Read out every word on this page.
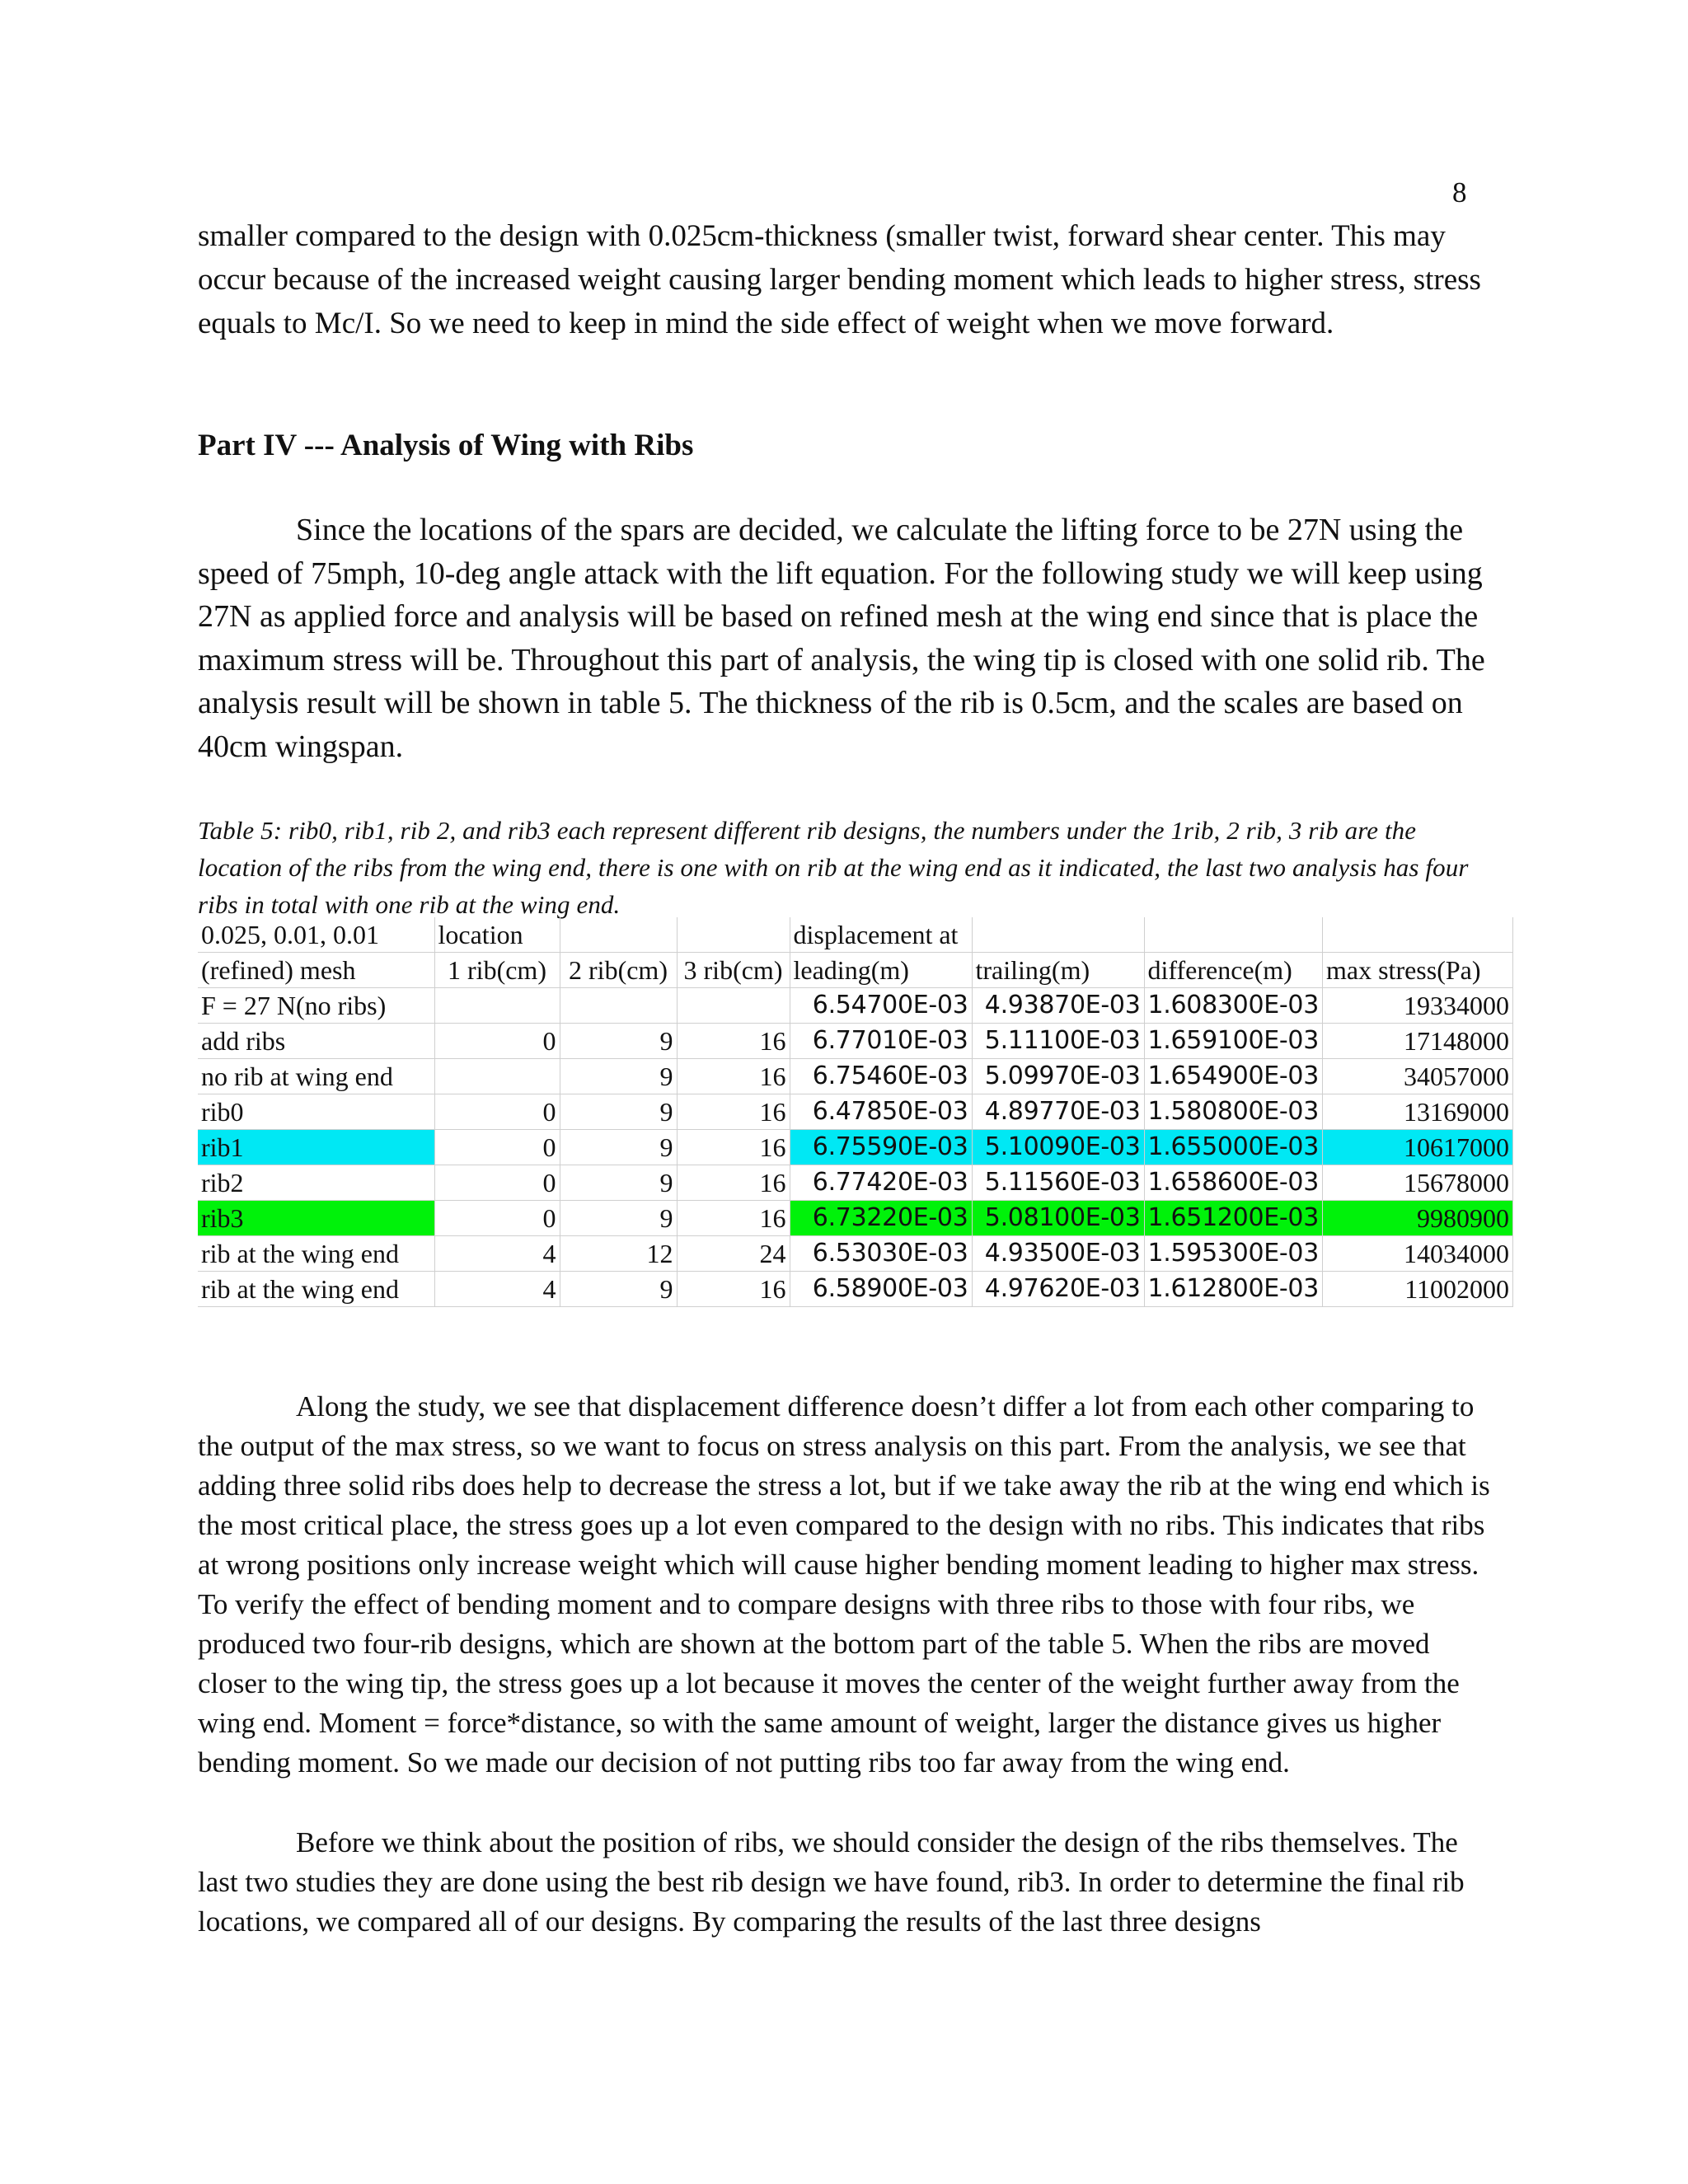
8

smaller compared to the design with 0.025cm-thickness (smaller twist, forward shear center. This may occur because of the increased weight causing larger bending moment which leads to higher stress, stress equals to Mc/I. So we need to keep in mind the side effect of weight when we move forward.

Part IV --- Analysis of Wing with Ribs

Since the locations of the spars are decided, we calculate the lifting force to be 27N using the speed of 75mph, 10-deg angle attack with the lift equation. For the following study we will keep using 27N as applied force and analysis will be based on refined mesh at the wing end since that is place the maximum stress will be. Throughout this part of analysis, the wing tip is closed with one solid rib. The analysis result will be shown in table 5. The thickness of the rib is 0.5cm, and the scales are based on 40cm wingspan.

Table 5: rib0, rib1, rib 2, and rib3 each represent different rib designs, the numbers under the 1rib, 2 rib, 3 rib are the location of the ribs from the wing end, there is one with on rib at the wing end as it indicated, the last two analysis has four ribs in total with one rib at the wing end.

0.025, 0.01, 0.01	location			displacement at			
(refined) mesh	1 rib(cm)	2 rib(cm)	3 rib(cm)	leading(m)	trailing(m)	difference(m)	max stress(Pa)
F = 27 N(no ribs)				6.54700E-03	4.93870E-03	1.608300E-03	19334000
add ribs	0	9	16	6.77010E-03	5.11100E-03	1.659100E-03	17148000
no rib at wing end		9	16	6.75460E-03	5.09970E-03	1.654900E-03	34057000
rib0	0	9	16	6.47850E-03	4.89770E-03	1.580800E-03	13169000
rib1	0	9	16	6.75590E-03	5.10090E-03	1.655000E-03	10617000
rib2	0	9	16	6.77420E-03	5.11560E-03	1.658600E-03	15678000
rib3	0	9	16	6.73220E-03	5.08100E-03	1.651200E-03	9980900
rib at the wing end	4	12	24	6.53030E-03	4.93500E-03	1.595300E-03	14034000
rib at the wing end	4	9	16	6.58900E-03	4.97620E-03	1.612800E-03	11002000

Along the study, we see that displacement difference doesn’t differ a lot from each other comparing to the output of the max stress, so we want to focus on stress analysis on this part. From the analysis, we see that adding three solid ribs does help to decrease the stress a lot, but if we take away the rib at the wing end which is the most critical place, the stress goes up a lot even compared to the design with no ribs. This indicates that ribs at wrong positions only increase weight which will cause higher bending moment leading to higher max stress. To verify the effect of bending moment and to compare designs with three ribs to those with four ribs, we produced two four-rib designs, which are shown at the bottom part of the table 5. When the ribs are moved closer to the wing tip, the stress goes up a lot because it moves the center of the weight further away from the wing end. Moment = force*distance, so with the same amount of weight, larger the distance gives us higher bending moment. So we made our decision of not putting ribs too far away from the wing end.

Before we think about the position of ribs, we should consider the design of the ribs themselves. The last two studies they are done using the best rib design we have found, rib3. In order to determine the final rib locations, we compared all of our designs. By comparing the results of the last three designs
